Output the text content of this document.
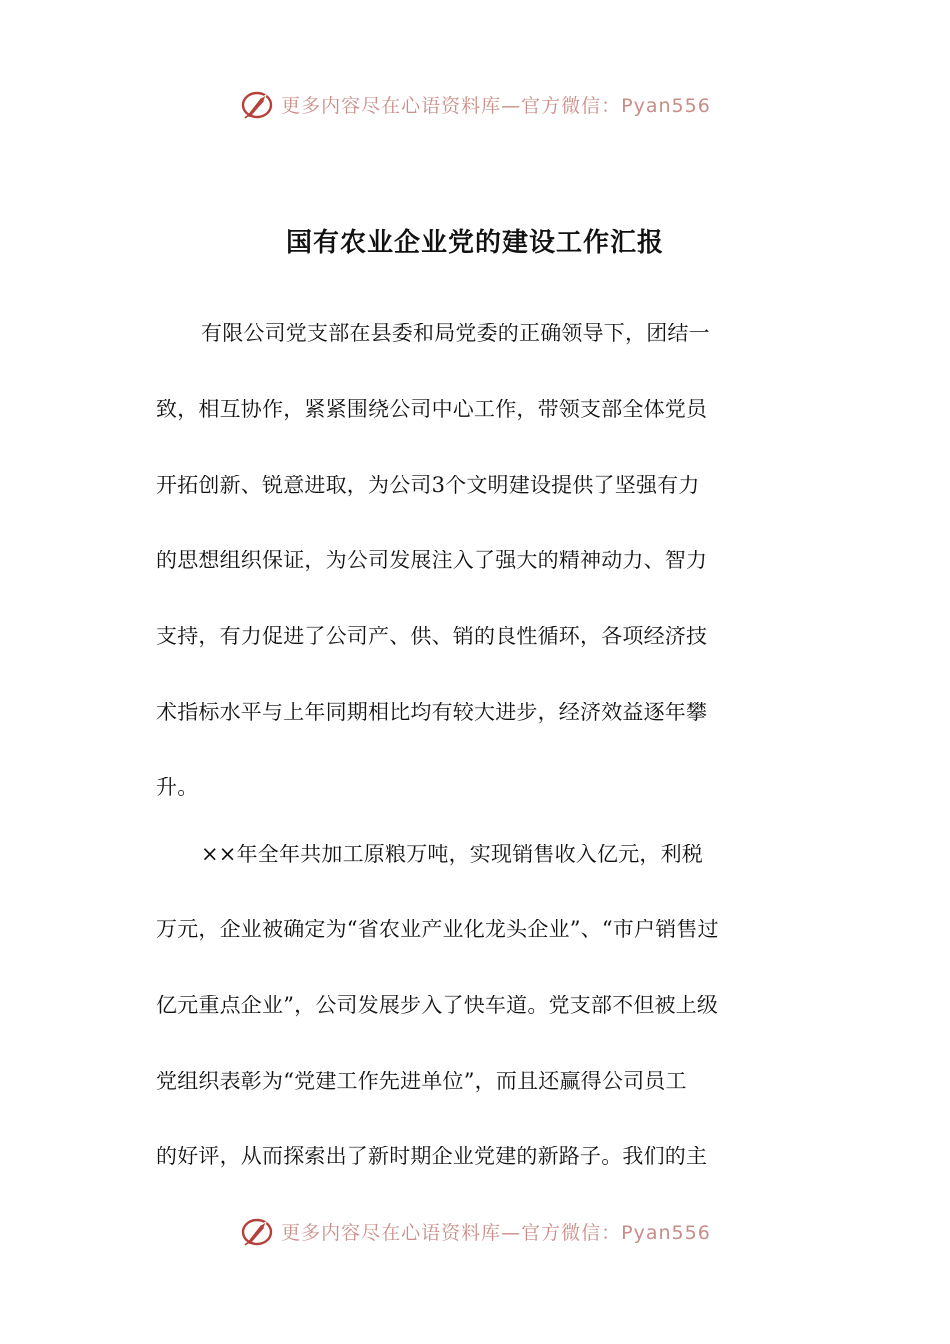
更多内容尽在心语资料库—官方微信：Pyan556
国有农业企业党的建设工作汇报
有限公司党支部在县委和局党委的正确领导下，团结一
致，相互协作，紧紧围绕公司中心工作，带领支部全体党员
开拓创新、锐意进取，为公司3个文明建设提供了坚强有力
的思想组织保证，为公司发展注入了强大的精神动力、智力
支持，有力促进了公司产、供、销的良性循环，各项经济技
术指标水平与上年同期相比均有较大进步，经济效益逐年攀
升。
××年全年共加工原粮万吨，实现销售收入亿元，利税
万元，企业被确定为“省农业产业化龙头企业”、“市户销售过
亿元重点企业”，公司发展步入了快车道。党支部不但被上级
党组织表彰为“党建工作先进单位”，而且还赢得公司员工
的好评，从而探索出了新时期企业党建的新路子。我们的主
更多内容尽在心语资料库—官方微信：Pyan556
